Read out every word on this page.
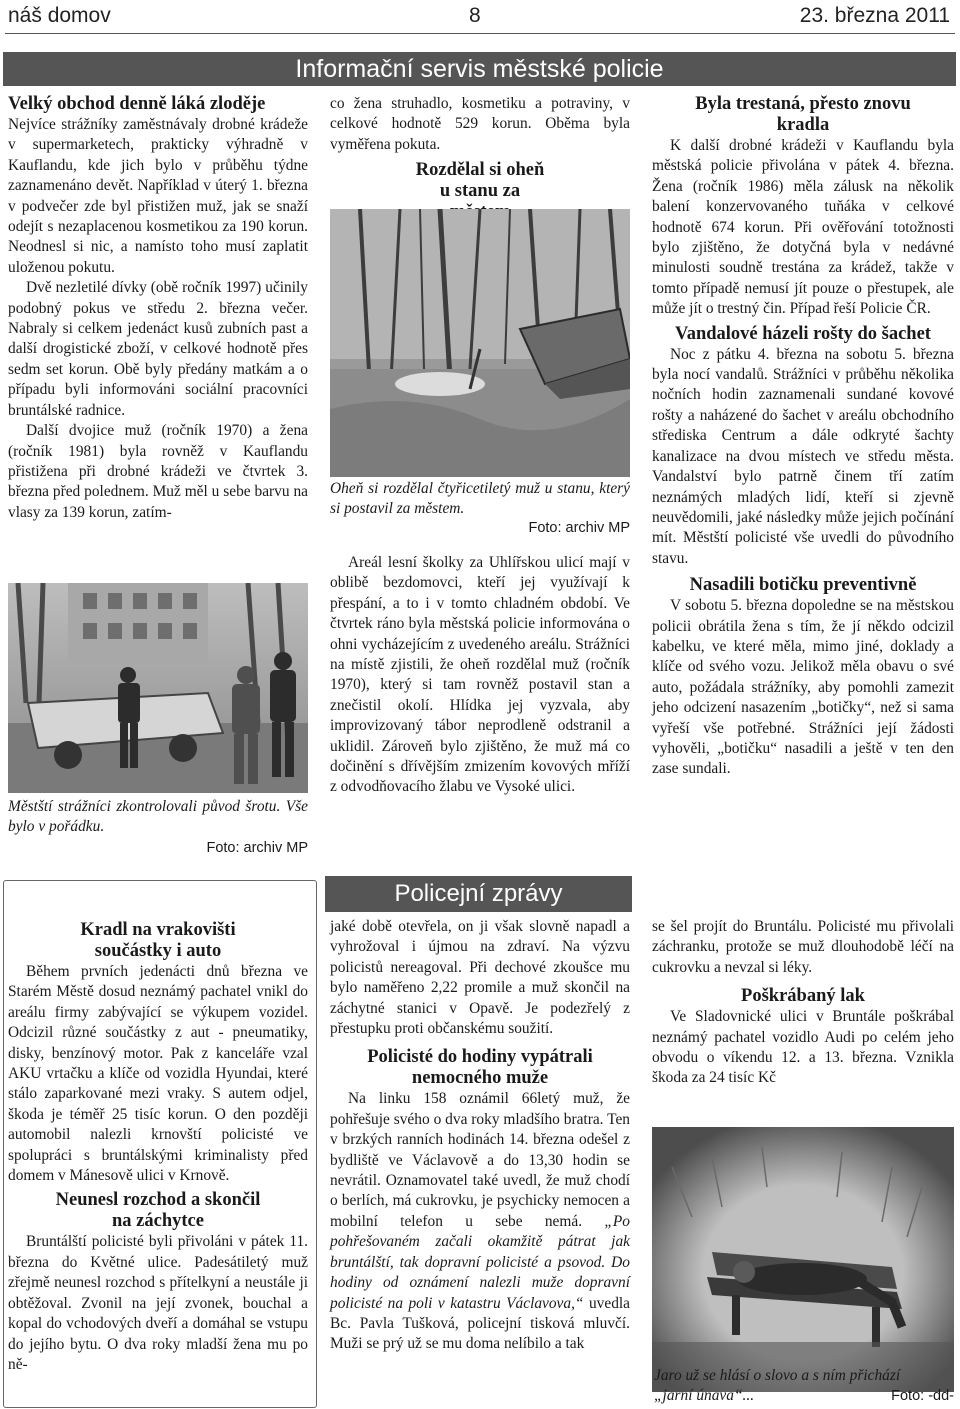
náš domov	8	23. března 2011
Informační servis městské policie
Velký obchod denně láká zloděje

Nejvíce strážníky zaměstnávaly drobné krádeže v supermarketech, prakticky výhradně v Kauflandu, kde jich bylo v průběhu týdne zaznamenáno devět. Například v úterý 1. března v podvečer zde byl přistižen muž, jak se snaží odejít s nezaplacenou kosmetikou za 190 korun. Neodnesl si nic, a namísto toho musí zaplatit uloženou pokutu.

Dvě nezletilé dívky (obě ročník 1997) učinily podobný pokus ve středu 2. března večer. Nabraly si celkem jedenáct kusů zubních past a další drogistické zboží, v celkové hodnotě přes sedm set korun. Obě byly předány matkám a o případu byli informováni sociální pracovníci bruntálské radnice.

Další dvojice muž (ročník 1970) a žena (ročník 1981) byla rovněž v Kauflandu přistižena při drobné krádeži ve čtvrtek 3. března před polednem. Muž měl u sebe barvu na vlasy za 139 korun, zatím-

Městští strážníci zkontrolovali původ šrotu. Vše bylo v pořádku.
Foto: archiv MP

co žena struhadlo, kosmetiku a potraviny, v celkové hodnotě 529 korun. Oběma byla vyměřena pokuta.

Rozdělal si oheň u stanu za
Oheň si rozdělal čtyřicetiletý muž u stanu, který si postavil za městem.
Foto: archiv MP

Areál lesní školky za Uhlířskou ulicí mají v oblibě bezdomovci, kteří jej využívají k přespání, a to i v tomto chladném období. Ve čtvrtek ráno byla městská policie informována o ohni vycházejícím z uvedeného areálu. Strážníci na místě zjistili, že oheň rozdělal muž (ročník 1970), který si tam rovněž postavil stan a znečistil okolí. Hlídka jej vyzvala, aby improvizovaný tábor neprodleně odstranil a uklidil. Zároveň bylo zjištěno, že muž má co dočinění s dřívějším zmizením kovových mříží z odvodňovacího žlabu ve Vysoké ulici.

Byla trestaná, přesto znovu kradla

K další drobné krádeži v Kauflandu byla městská policie přivolána v pátek 4. března. Žena (ročník 1986) měla zálusk na několik balení konzervovaného tuňáka v celkové hodnotě 674 korun. Při ověřování totožnosti bylo zjištěno, že dotyčná byla v nedávné minulosti soudně trestána za krádež, takže v tomto případě nemusí jít pouze o přestupek, ale může jít o trestný čin. Případ řeší Policie ČR.

Vandalové házeli rošty do šachet

Noc z pátku 4. března na sobotu 5. března byla nocí vandalů. Strážníci v průběhu několika nočních hodin zaznamenali sundané kovové rošty a naházené do šachet v areálu obchodního střediska Centrum a dále odkryté šachty kanalizace na dvou místech ve středu města. Vandalství bylo patrně činem tří zatím neznámých mladých lidí, kteří si zjevně neuvědomili, jaké následky může jejich počínání mít. Městští policisté vše uvedli do původního stavu.

Nasadili botičku preventivně

V sobotu 5. března dopoledne se na městskou policii obrátila žena s tím, že jí někdo odcizil kabelku, ve které měla, mimo jiné, doklady a klíče od svého vozu. Jelikož měla obavu o své auto, požádala strážníky, aby pomohli zamezit jeho odcizení nasazením „botičky“, než si sama vyřeší vše potřebné. Strážníci její žádosti vyhověli, „botičku“ nasadili a ještě v ten den zase sundali.

Kradl na vrakovišti součástky i auto

Během prvních jedenácti dnů března ve Starém Městě dosud neznámý pachatel vnikl do areálu firmy zabývající se výkupem vozidel. Odcizil různé součástky z aut - pneumatiky, disky, benzínový motor. Pak z kanceláře vzal AKU vrtačku a klíče od vozidla Hyundai, které stálo zaparkované mezi vraky. S autem odjel, škoda je téměř 25 tisíc korun. O den později automobil nalezli krnovští policisté ve spolupráci s bruntálskými kriminalisty před domem v Mánesově ulici v Krnově.

Neunesl rozchod a skončil na záchytce

Bruntálští policisté byli přivoláni v pátek 11. března do Květné ulice. Padesátiletý muž zřejmě neunesl rozchod s přítelkyní a neustále ji obtěžoval. Zvonil na její zvonek, bouchal a kopal do vchodových dveří a domáhal se vstupu do jejího bytu. O dva roky mladší žena mu po ně-

Policejní zprávy

jaké době otevřela, on ji však slovně napadl a vyhrožoval i újmou na zdraví. Na výzvu policistů nereagoval. Při dechové zkoušce mu bylo naměřeno 2,22 promile a muž skončil na záchytné stanici v Opavě. Je podezřelý z přestupku proti občanskému soužití.

Policisté do hodiny vypátrali nemocného muže

Na linku 158 oznámil 66letý muž, že pohřešuje svého o dva roky mladšího bratra. Ten v brzkých ranních hodinách 14. března odešel z bydliště ve Václavově a do 13,30 hodin se nevrátil. Oznamovatel také uvedl, že muž chodí o berlích, má cukrovku, je psychicky nemocen a mobilní telefon u sebe nemá. „Po pohřešovaném začali okamžitě pátrat jak bruntálští, tak dopravní policisté a psovod. Do hodiny od oznámení nalezli muže dopravní policisté na poli v katastru Václavova,“ uvedla Bc. Pavla Tušková, policejní tisková mluvčí. Muži se prý už se mu doma nelíbilo a tak

se šel projít do Bruntálu. Policisté mu přivolali záchranku, protože se muž dlouhodobě léčí na cukrovku a nevzal si léky.

Poškrábaný lak

Ve Sladovnické ulici v Bruntále poškrábal neznámý pachatel vozidlo Audi po celém jeho obvodu o víkendu 12. a 13. března. Vznikla škoda za 24 tisíc Kč

Jaro už se hlásí o slovo a s ním přichází
„jarní únava“...	Foto: -dd-
